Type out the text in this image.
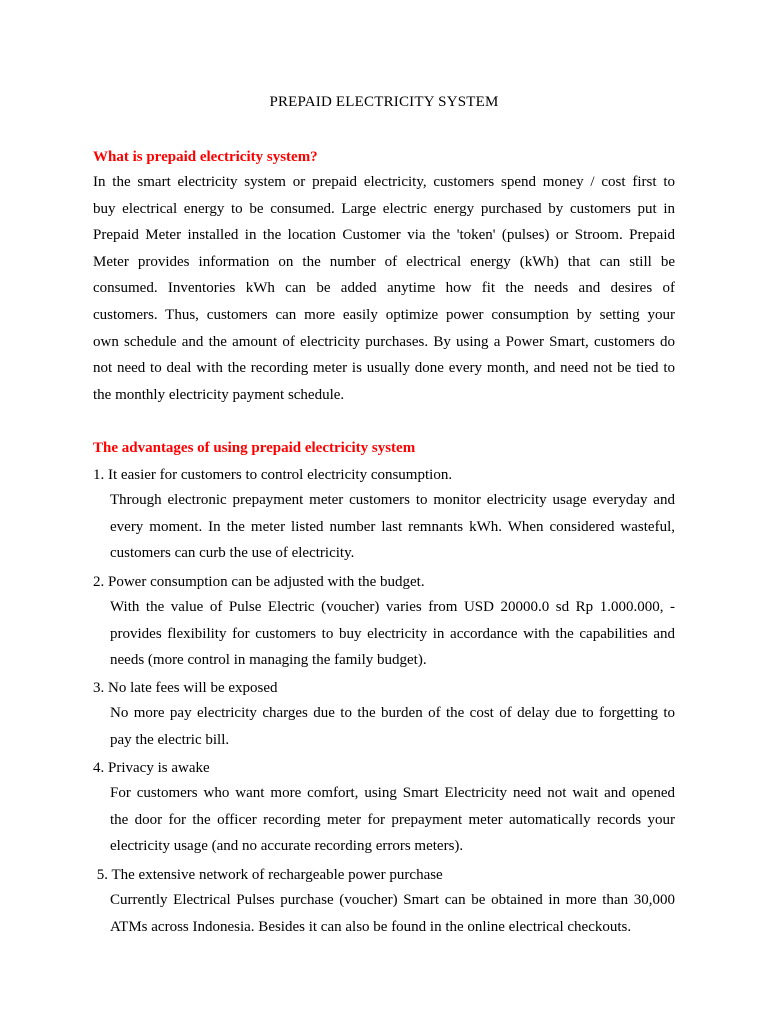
PREPAID ELECTRICITY SYSTEM
What is prepaid electricity system?
In the smart electricity system or prepaid electricity, customers spend money / cost first to
buy electrical energy to be consumed. Large electric energy purchased by customers put in
Prepaid Meter installed in the location Customer via the 'token' (pulses) or Stroom. Prepaid
Meter provides information on the number of electrical energy (kWh) that can still be
consumed. Inventories kWh can be added anytime how fit the needs and desires of
customers. Thus, customers can more easily optimize power consumption by setting your
own schedule and the amount of electricity purchases. By using a Power Smart, customers do
not need to deal with the recording meter is usually done every month, and need not be tied to
the monthly electricity payment schedule.
The advantages of using prepaid electricity system
1. It easier for customers to control electricity consumption.
Through electronic prepayment meter customers to monitor electricity usage everyday and
every moment. In the meter listed number last remnants kWh. When considered wasteful,
customers can curb the use of electricity.
2. Power consumption can be adjusted with the budget.
With the value of Pulse Electric (voucher) varies from USD 20000.0 sd Rp 1.000.000, -
provides flexibility for customers to buy electricity in accordance with the capabilities and
needs (more control in managing the family budget).
3. No late fees will be exposed
No more pay electricity charges due to the burden of the cost of delay due to forgetting to
pay the electric bill.
4. Privacy is awake
For customers who want more comfort, using Smart Electricity need not wait and opened
the door for the officer recording meter for prepayment meter automatically records your
electricity usage (and no accurate recording errors meters).
5. The extensive network of rechargeable power purchase
Currently Electrical Pulses purchase (voucher) Smart can be obtained in more than 30,000
ATMs across Indonesia. Besides it can also be found in the online electrical checkouts.
